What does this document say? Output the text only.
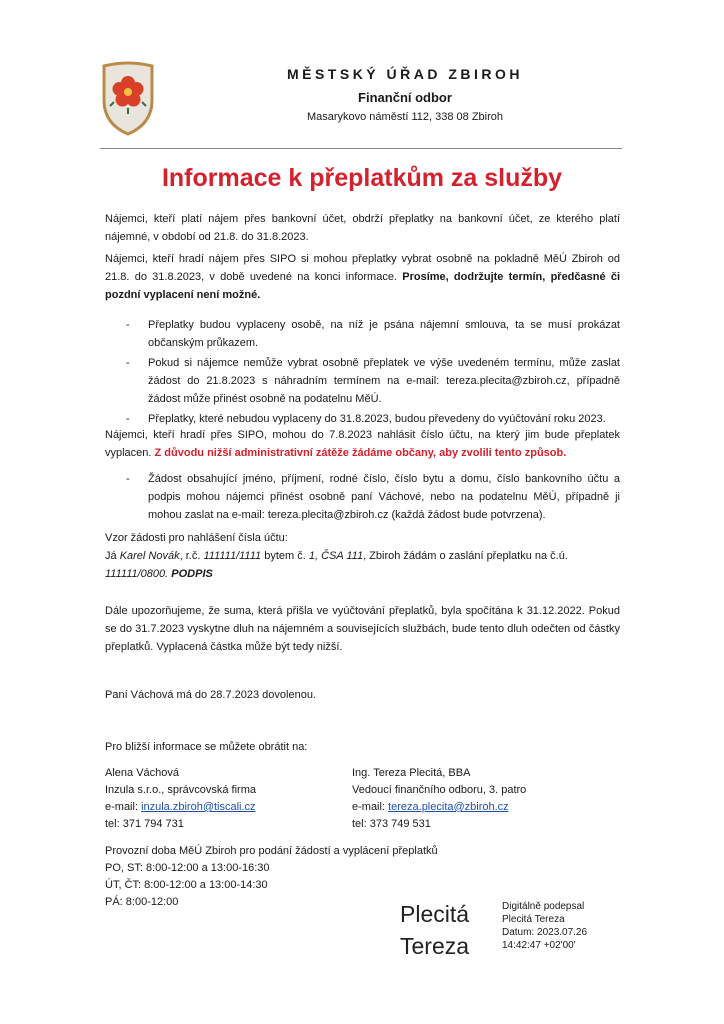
MĚSTSKÝ ÚŘAD ZBIROH
Finanční odbor
Masarykovo náměstí 112, 338 08 Zbiroh
Informace k přeplatkům za služby
Nájemci, kteří platí nájem přes bankovní účet, obdrží přeplatky na bankovní účet, ze kterého platí nájemné, v období od 21.8. do 31.8.2023.
Nájemci, kteří hradí nájem přes SIPO si mohou přeplatky vybrat osobně na pokladně MěÚ Zbiroh od 21.8. do 31.8.2023, v době uvedené na konci informace. Prosíme, dodržujte termín, předčasné či pozdní vyplacení není možné.
- Přeplatky budou vyplaceny osobě, na níž je psána nájemní smlouva, ta se musí prokázat občanským průkazem.
- Pokud si nájemce nemůže vybrat osobně přeplatek ve výše uvedeném termínu, může zaslat žádost do 21.8.2023 s náhradním termínem na e-mail: tereza.plecita@zbiroh.cz, případně žádost může přinést osobně na podatelnu MěÚ.
- Přeplatky, které nebudou vyplaceny do 31.8.2023, budou převedeny do vyúčtování roku 2023.
Nájemci, kteří hradí přes SIPO, mohou do 7.8.2023 nahlásit číslo účtu, na který jim bude přeplatek vyplacen. Z důvodu nižší administrativní zátěže žádáme občany, aby zvolili tento způsob.
- Žádost obsahující jméno, příjmení, rodné číslo, číslo bytu a domu, číslo bankovního účtu a podpis mohou nájemci přinést osobně paní Váchové, nebo na podatelnu MěÚ, případně ji mohou zaslat na e-mail: tereza.plecita@zbiroh.cz (každá žádost bude potvrzena).
Vzor žádosti pro nahlášení čísla účtu:
Já Karel Novák, r.č. 111111/1111 bytem č. 1, ČSA 111, Zbiroh žádám o zaslání přeplatku na č.ú. 111111/0800. PODPIS
Dále upozorňujeme, že suma, která přišla ve vyúčtování přeplatků, byla spočítána k 31.12.2022. Pokud se do 31.7.2023 vyskytne dluh na nájemném a souvisejících službách, bude tento dluh odečten od částky přeplatků. Vyplacená částka může být tedy nižší.
Paní Váchová má do 28.7.2023 dovolenou.
Pro bližší informace se můžete obrátit na:
Alena Váchová
Inzula s.r.o., správcovská firma
e-mail: inzula.zbiroh@tiscali.cz
tel: 371 794 731
Ing. Tereza Plecitá, BBA
Vedoucí finančního odboru, 3. patro
e-mail: tereza.plecita@zbiroh.cz
tel: 373 749 531
Provozní doba MěÚ Zbiroh pro podání žádostí a vyplácení přeplatků
PO, ST: 8:00-12:00 a 13:00-16:30
ÚT, ČT: 8:00-12:00 a 13:00-14:30
PÁ: 8:00-12:00	Plecitá
Tereza
Digitálně podepsal
Plecitá Tereza
Datum: 2023.07.26
14:42:47 +02'00'
